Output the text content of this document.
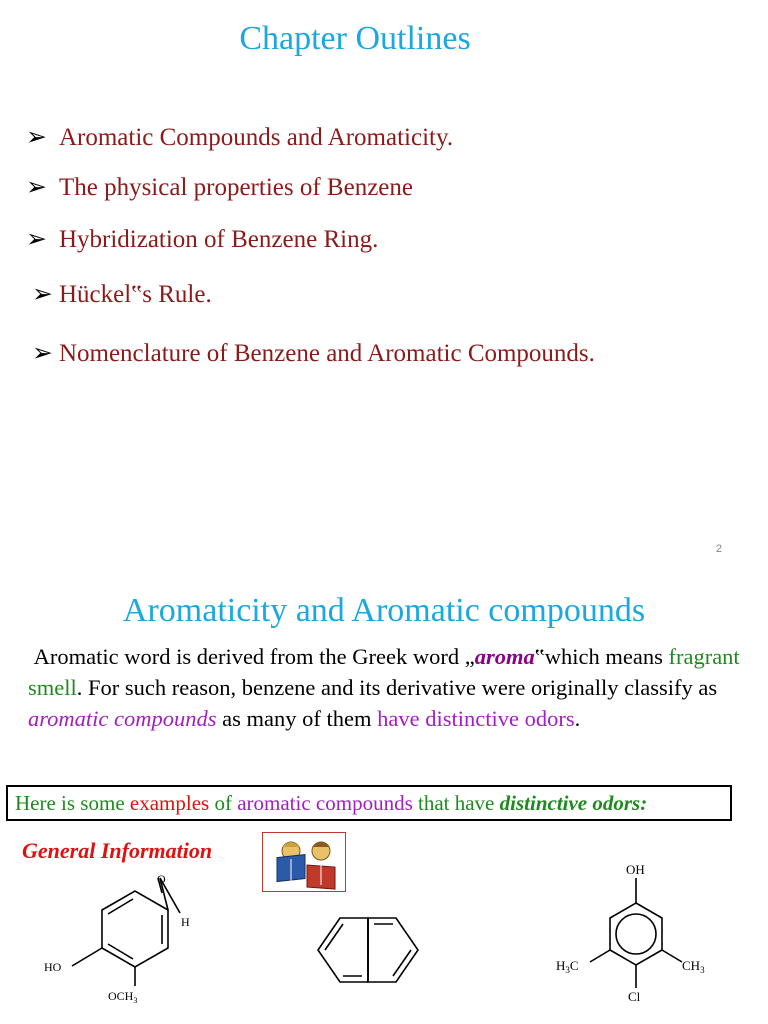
Chapter Outlines
➢ Aromatic Compounds and Aromaticity.
➢ The physical properties of Benzene
➢ Hybridization of Benzene Ring.
➢ Hückel‟s Rule.
➢ Nomenclature of Benzene and Aromatic Compounds.
2
Aromaticity and Aromatic compounds
Aromatic word is derived from the Greek word „aroma‟which means fragrant smell. For such reason, benzene and its derivative were originally classify as aromatic compounds as many of them have distinctive odors.
Here is some examples of aromatic compounds that have distinctive odors:
General Information
O
H
HO
$OCH_3$
OH
$H_3C$	$CH_3$
Cl
